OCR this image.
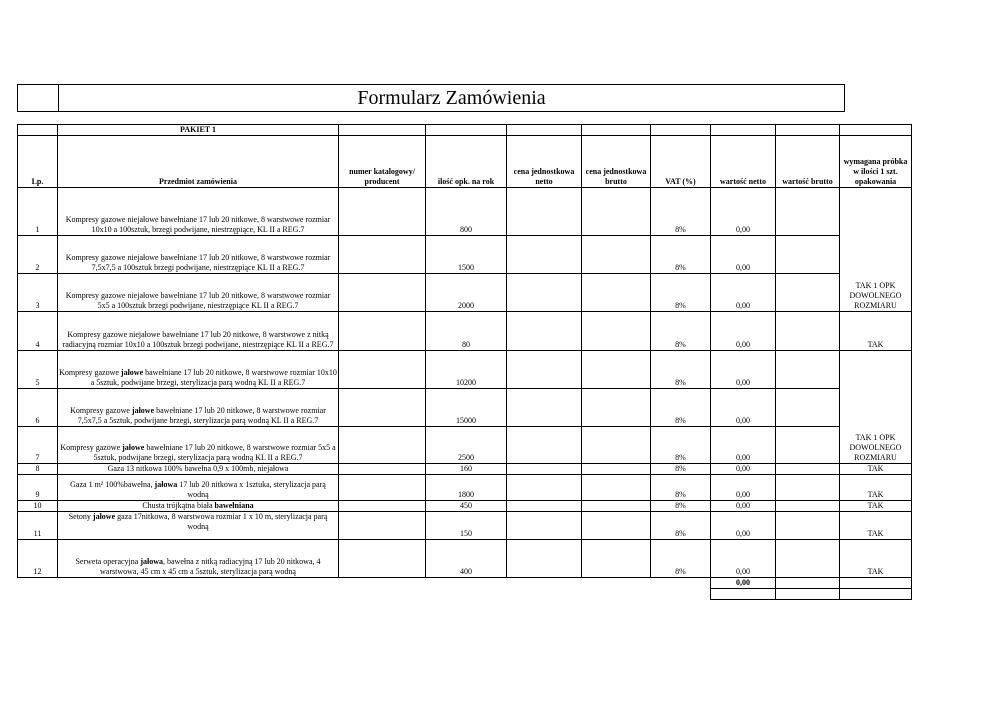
Formularz Zamówienia
	PAKIET 1								
Lp.	Przedmiot zamówienia	numer katalogowy/ producent	ilość opk. na rok	cena jednostkowa netto	cena jednostkowa brutto	VAT (%)	wartość netto	wartość brutto	wymagana próbka w ilości 1 szt. opakowania
1	Kompresy gazowe niejałowe bawełniane 17 lub 20 nitkowe, 8 warstwowe rozmiar 10x10 a 100sztuk, brzegi podwijane, niestrzępiące, KL II a REG.7		800			8%	0,00		TAK 1 OPK DOWOLNEGO ROZMIARU
2	Kompresy gazowe niejałowe bawełniane 17 lub 20 nitkowe, 8 warstwowe rozmiar 7,5x7,5 a 100sztuk brzegi podwijane, niestrzępiące KL II a REG.7		1500			8%	0,00		
3	Kompresy gazowe niejałowe bawełniane 17 lub 20 nitkowe, 8 warstwowe rozmiar 5x5 a 100sztuk brzegi podwijane, niestrzępiące KL II a REG.7		2000			8%	0,00		
4	Kompresy gazowe niejałowe bawełniane 17 lub 20 nitkowe, 8 warstwowe z nitką radiacyjną rozmiar 10x10 a 100sztuk brzegi podwijane, niestrzępiące KL II a REG.7		80			8%	0,00		TAK
5	Kompresy gazowe jałowe bawełniane 17 lub 20 nitkowe, 8 warstwowe rozmiar 10x10 a 5sztuk, podwijane brzegi, sterylizacja parą wodną KL II a REG.7		10200			8%	0,00		TAK 1 OPK DOWOLNEGO ROZMIARU
6	Kompresy gazowe jałowe bawełniane 17 lub 20 nitkowe, 8 warstwowe rozmiar 7,5x7,5 a 5sztuk, podwijane brzegi, sterylizacja parą wodną KL II a REG.7		15000			8%	0,00		
7	Kompresy gazowe jałowe bawełniane 17 lub 20 nitkowe, 8 warstwowe rozmiar 5x5 a 5sztuk, podwijane brzegi, sterylizacja parą wodną KL II a REG.7		2500			8%	0,00		
8	Gaza 13 nitkowa 100% bawełna 0,9 x 100mb, niejałowa		160			8%	0,00		TAK
9	Gaza 1 m² 100%bawełna, jałowa 17 lub 20 nitkowa x 1sztuka, sterylizacja parą wodną		1800			8%	0,00		TAK
10	Chusta trójkątna biała bawełniana		450			8%	0,00		TAK
11	Setony jałowe gaza 17nitkowa, 8 warstwowa rozmiar 1 x 10 m, sterylizacja parą wodną		150			8%	0,00		TAK
12	Serweta operacyjna jałowa, bawełna z nitką radiacyjną 17 lub 20 nitkowa, 4 warstwowa, 45 cm x 45 cm a 5sztuk, sterylizacja parą wodną		400			8%	0,00		TAK
							0,00		
